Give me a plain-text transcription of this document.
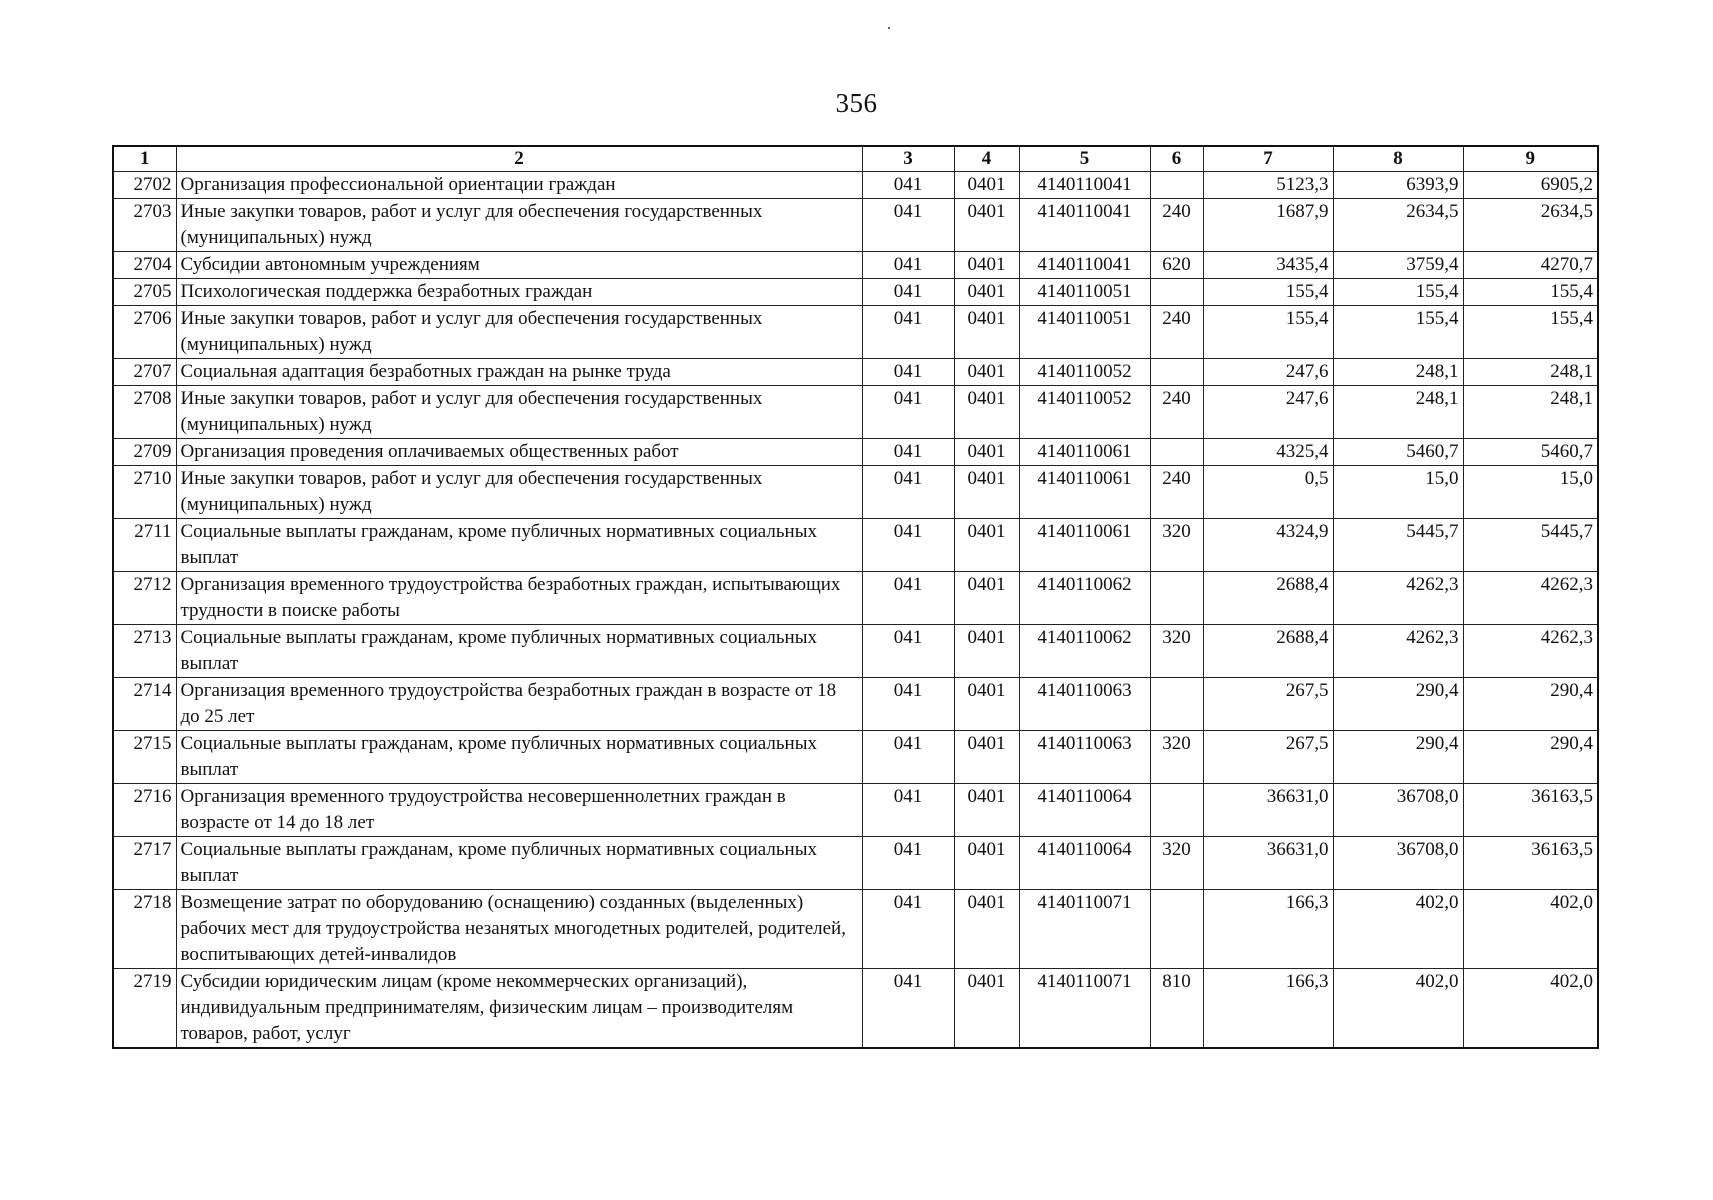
356
1	2	3	4	5	6	7	8	9
2702	Организация профессиональной ориентации граждан	041	0401	4140110041		5123,3	6393,9	6905,2
2703	Иные закупки товаров, работ и услуг для обеспечения государственных (муниципальных) нужд	041	0401	4140110041	240	1687,9	2634,5	2634,5
2704	Субсидии автономным учреждениям	041	0401	4140110041	620	3435,4	3759,4	4270,7
2705	Психологическая поддержка безработных граждан	041	0401	4140110051		155,4	155,4	155,4
2706	Иные закупки товаров, работ и услуг для обеспечения государственных (муниципальных) нужд	041	0401	4140110051	240	155,4	155,4	155,4
2707	Социальная адаптация безработных граждан на рынке труда	041	0401	4140110052		247,6	248,1	248,1
2708	Иные закупки товаров, работ и услуг для обеспечения государственных (муниципальных) нужд	041	0401	4140110052	240	247,6	248,1	248,1
2709	Организация проведения оплачиваемых общественных работ	041	0401	4140110061		4325,4	5460,7	5460,7
2710	Иные закупки товаров, работ и услуг для обеспечения государственных (муниципальных) нужд	041	0401	4140110061	240	0,5	15,0	15,0
2711	Социальные выплаты гражданам, кроме публичных нормативных социальных выплат	041	0401	4140110061	320	4324,9	5445,7	5445,7
2712	Организация временного трудоустройства безработных граждан, испытывающих трудности в поиске работы	041	0401	4140110062		2688,4	4262,3	4262,3
2713	Социальные выплаты гражданам, кроме публичных нормативных социальных выплат	041	0401	4140110062	320	2688,4	4262,3	4262,3
2714	Организация временного трудоустройства безработных граждан в возрасте от 18 до 25 лет	041	0401	4140110063		267,5	290,4	290,4
2715	Социальные выплаты гражданам, кроме публичных нормативных социальных выплат	041	0401	4140110063	320	267,5	290,4	290,4
2716	Организация временного трудоустройства несовершеннолетних граждан в возрасте от 14 до 18 лет	041	0401	4140110064		36631,0	36708,0	36163,5
2717	Социальные выплаты гражданам, кроме публичных нормативных социальных выплат	041	0401	4140110064	320	36631,0	36708,0	36163,5
2718	Возмещение затрат по оборудованию (оснащению) созданных (выделенных) рабочих мест для трудоустройства незанятых многодетных родителей, родителей, воспитывающих детей-инвалидов	041	0401	4140110071		166,3	402,0	402,0
2719	Субсидии юридическим лицам (кроме некоммерческих организаций), индивидуальным предпринимателям, физическим лицам – производителям товаров, работ, услуг	041	0401	4140110071	810	166,3	402,0	402,0
